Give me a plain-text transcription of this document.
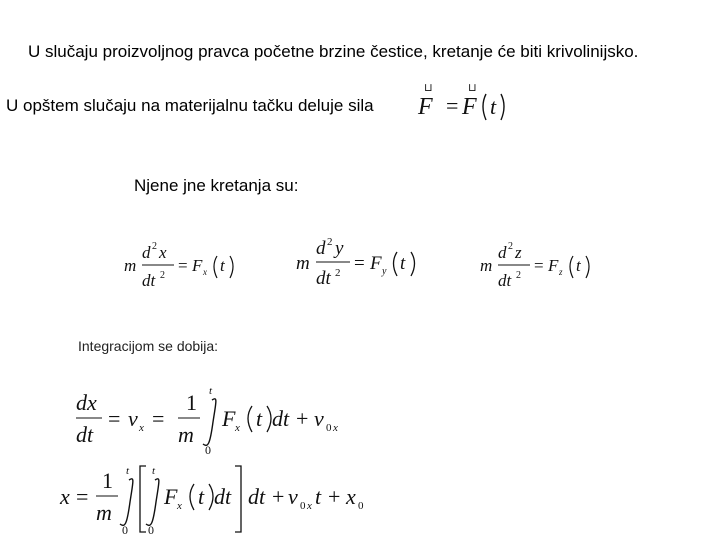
U slučaju proizvoljnog pravca početne brzine čestice, kretanje će biti krivolinijsko.
U opštem slučaju na materijalnu tačku deluje sila
Njene jne kretanja su:
Integracijom se dobija:
⊔	⊔
F = F t
m
d 2 x
dt 2
= F x t	m
d 2 y
dt 2 = F y t	m
d 2 z
dt 2
= F z t
dx
dt
= v x =
1
m
t
0
F x t dt + v 0 x
x =
1
m
t
0
t
0
F x t dt dt + v 0 x t + x 0
